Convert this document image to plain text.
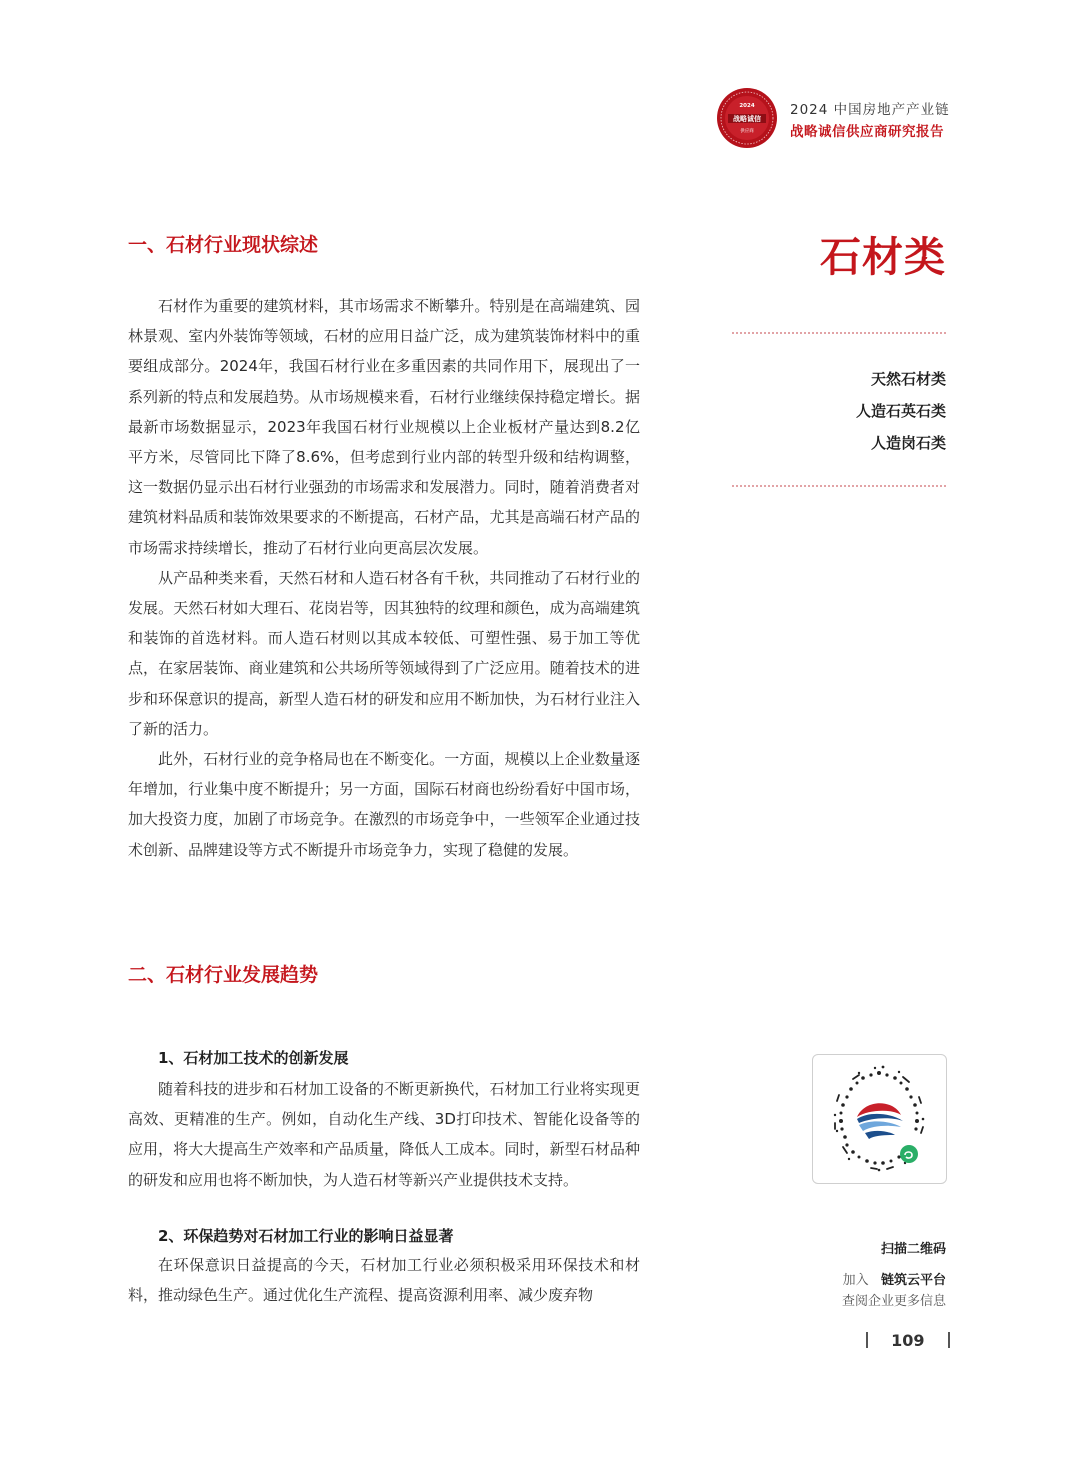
2024
战略诚信
供应商
2024 中国房地产产业链
战略诚信供应商研究报告
一、石材行业现状综述	石材类
天然石材类
人造石英石类
人造岗石类

石材作为重要的建筑材料，其市场需求不断攀升。特别是在高端建筑、园林景观、室内外装饰等领域，石材的应用日益广泛，成为建筑装饰材料中的重要组成部分。2024年，我国石材行业在多重因素的共同作用下，展现出了一系列新的特点和发展趋势。从市场规模来看，石材行业继续保持稳定增长。据最新市场数据显示，2023年我国石材行业规模以上企业板材产量达到8.2亿平方米，尽管同比下降了8.6%，但考虑到行业内部的转型升级和结构调整，这一数据仍显示出石材行业强劲的市场需求和发展潜力。同时，随着消费者对建筑材料品质和装饰效果要求的不断提高，石材产品，尤其是高端石材产品的市场需求持续增长，推动了石材行业向更高层次发展。

从产品种类来看，天然石材和人造石材各有千秋，共同推动了石材行业的发展。天然石材如大理石、花岗岩等，因其独特的纹理和颜色，成为高端建筑和装饰的首选材料。而人造石材则以其成本较低、可塑性强、易于加工等优点，在家居装饰、商业建筑和公共场所等领域得到了广泛应用。随着技术的进步和环保意识的提高，新型人造石材的研发和应用不断加快，为石材行业注入了新的活力。

此外，石材行业的竞争格局也在不断变化。一方面，规模以上企业数量逐年增加，行业集中度不断提升；另一方面，国际石材商也纷纷看好中国市场，加大投资力度，加剧了市场竞争。在激烈的市场竞争中，一些领军企业通过技术创新、品牌建设等方式不断提升市场竞争力，实现了稳健的发展。

二、石材行业发展趋势
1、石材加工技术的创新发展

随着科技的进步和石材加工设备的不断更新换代，石材加工行业将实现更高效、更精准的生产。例如，自动化生产线、3D打印技术、智能化设备等的应用，将大大提高生产效率和产品质量，降低人工成本。同时，新型石材品种的研发和应用也将不断加快，为人造石材等新兴产业提供技术支持。

2、环保趋势对石材加工行业的影响日益显著

在环保意识日益提高的今天，石材加工行业必须积极采用环保技术和材料，推动绿色生产。通过优化生产流程、提高资源利用率、减少废弃物

扫描二维码
加入 链筑云平台
查阅企业更多信息
109
